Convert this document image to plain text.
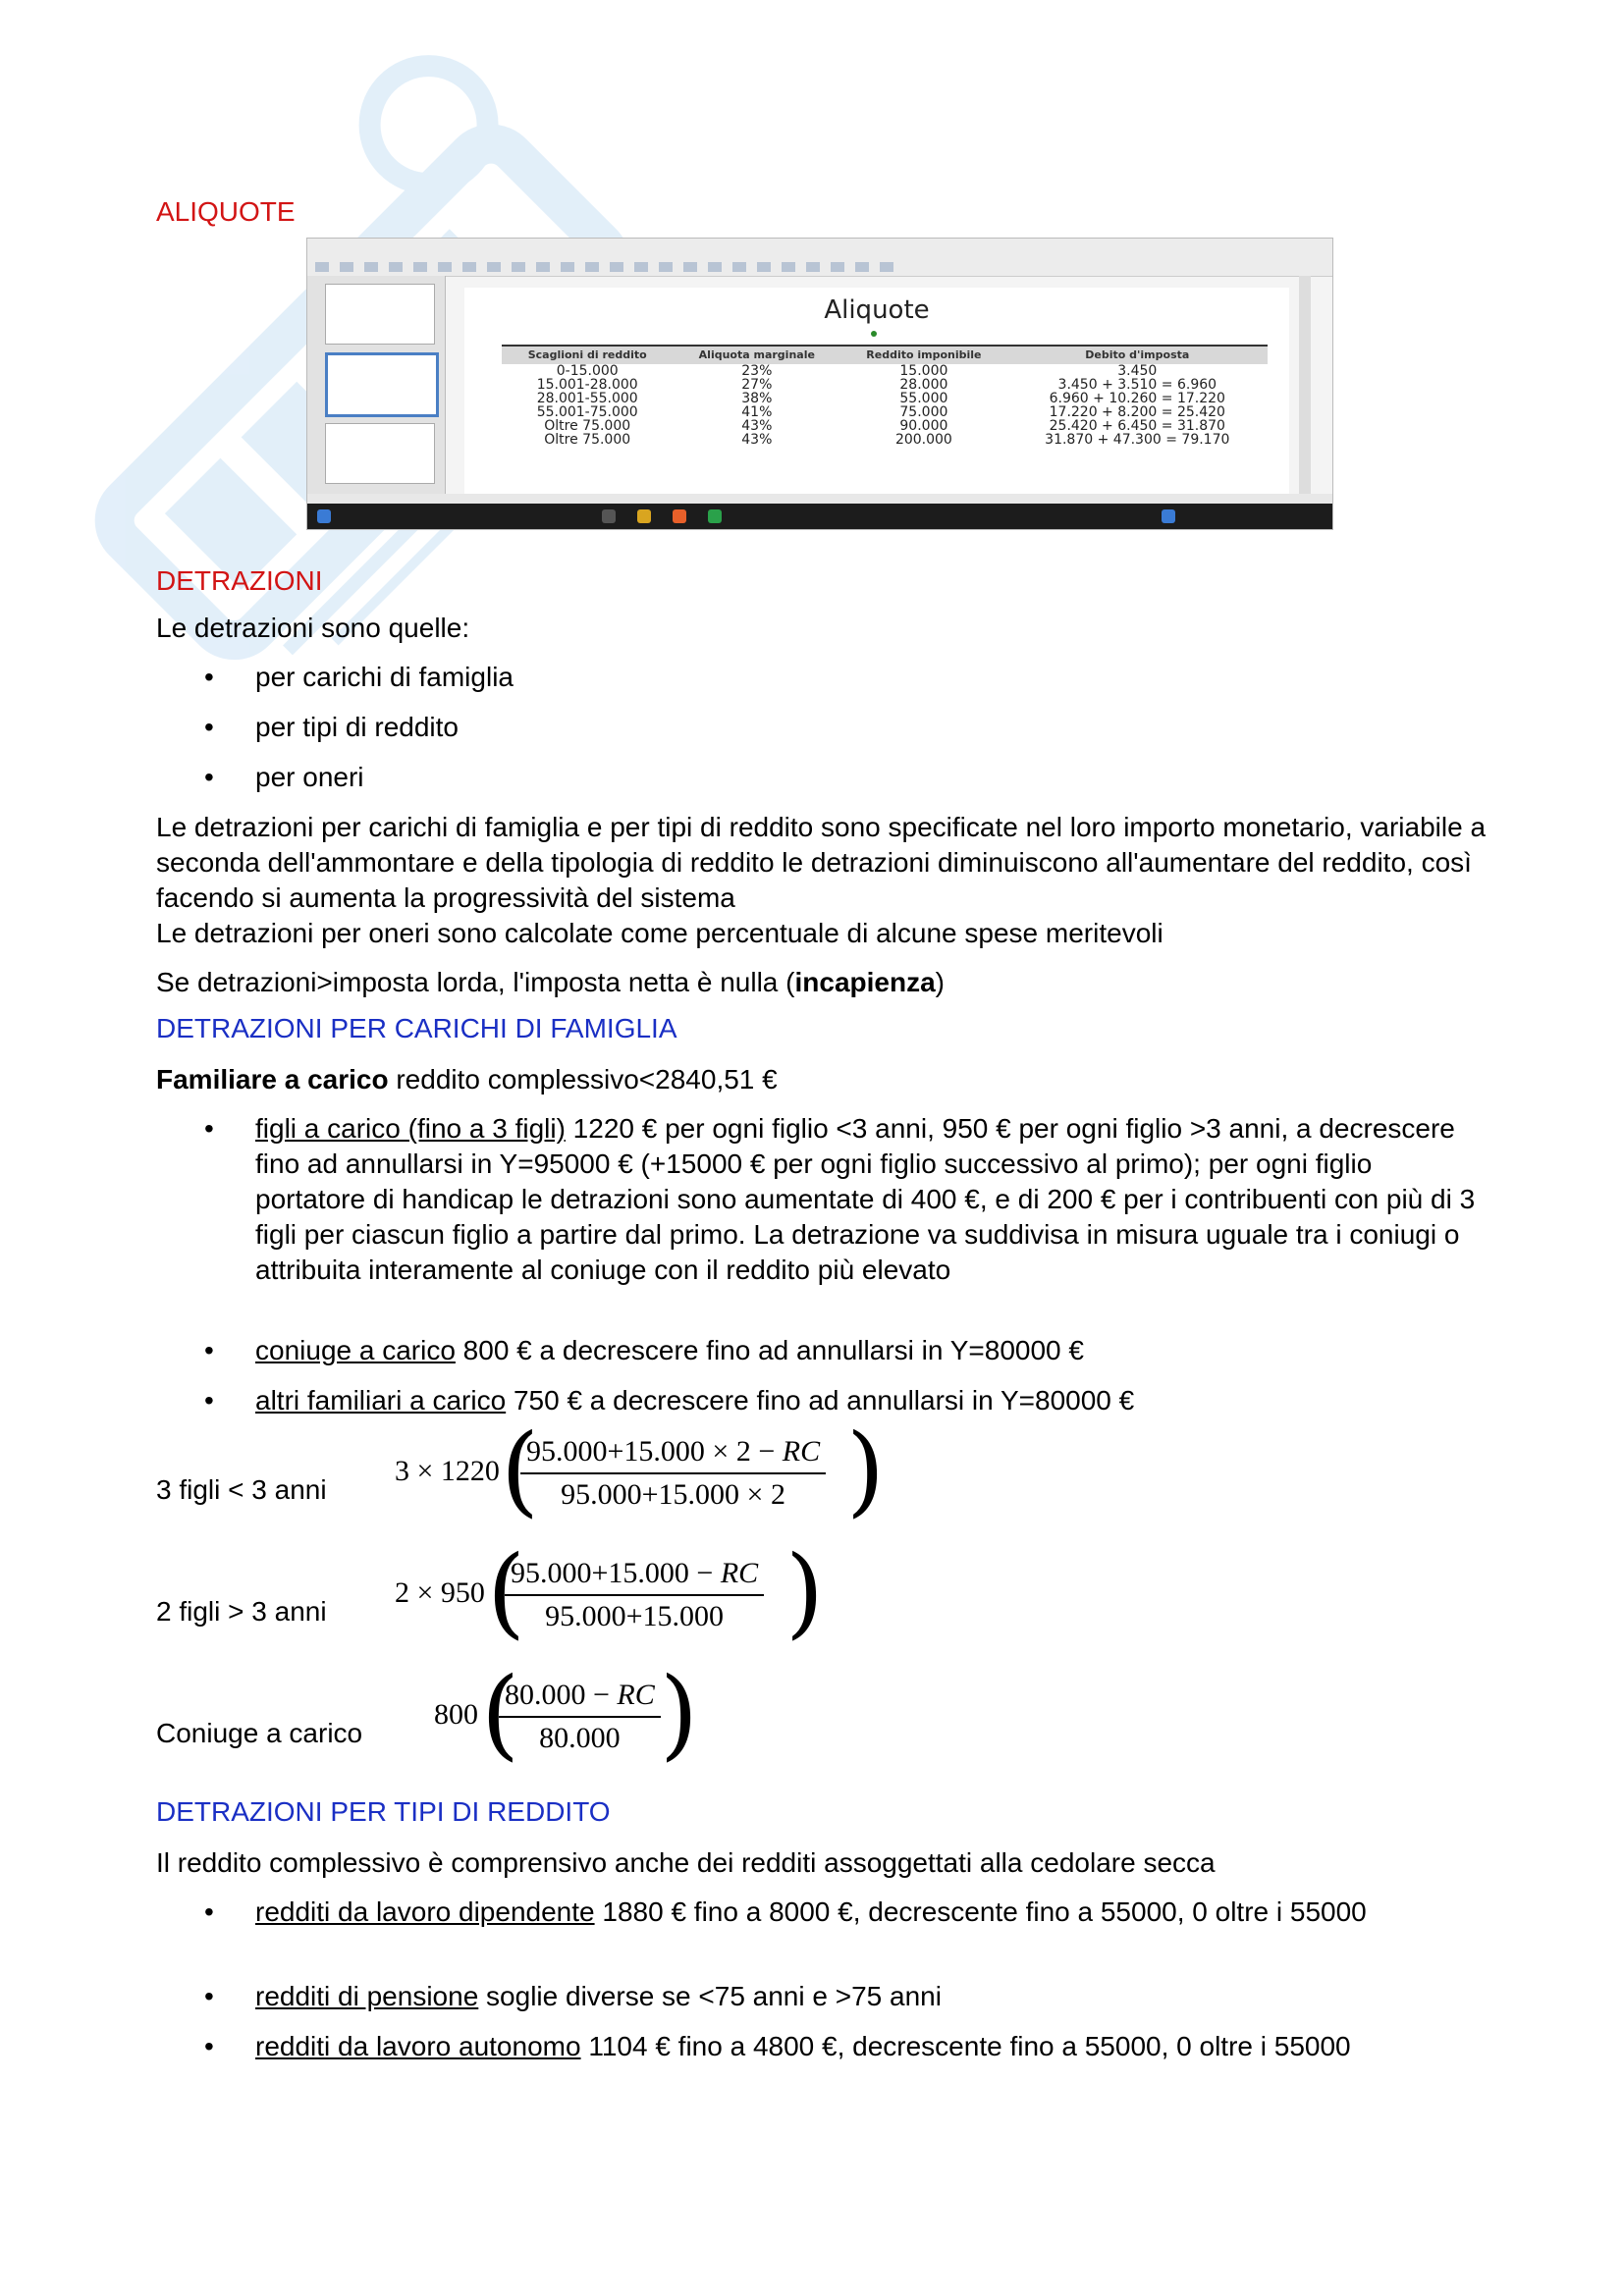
ALIQUOTE
Aliquote
Scaglioni di reddito	Aliquota marginale	Reddito imponibile	Debito d'imposta
0-15.000	23%	15.000	3.450
15.001-28.000	27%	28.000	3.450 + 3.510 = 6.960
28.001-55.000	38%	55.000	6.960 + 10.260 = 17.220
55.001-75.000	41%	75.000	17.220 + 8.200 = 25.420
Oltre 75.000	43%	90.000	25.420 + 6.450 = 31.870
Oltre 75.000	43%	200.000	31.870 + 47.300 = 79.170
DETRAZIONI
Le detrazioni sono quelle:
• per carichi di famiglia
• per tipi di reddito
• per oneri
Le detrazioni per carichi di famiglia e per tipi di reddito sono specificate nel loro importo monetario, variabile a seconda dell'ammontare e della tipologia di reddito le detrazioni diminuiscono all'aumentare del reddito, così facendo si aumenta la progressività del sistema
Le detrazioni per oneri sono calcolate come percentuale di alcune spese meritevoli
Se detrazioni>imposta lorda, l'imposta netta è nulla (incapienza)
DETRAZIONI PER CARICHI DI FAMIGLIA
Familiare a carico reddito complessivo<2840,51 €
• figli a carico (fino a 3 figli) 1220 € per ogni figlio <3 anni, 950 € per ogni figlio >3 anni, a decrescere fino ad annullarsi in Y=95000 € (+15000 € per ogni figlio successivo al primo); per ogni figlio portatore di handicap le detrazioni sono aumentate di 400 €, e di 200 € per i contribuenti con più di 3 figli per ciascun figlio a partire dal primo. La detrazione va suddivisa in misura uguale tra i coniugi o attribuita interamente al coniuge con il reddito più elevato
• coniuge a carico 800 € a decrescere fino ad annullarsi in Y=80000 €
• altri familiari a carico 750 € a decrescere fino ad annullarsi in Y=80000 €
3 figli < 3 anni
3 × 1220 (
$\frac{95.000+15.000 \times 2 - RC}{95.000+15.000 \times 2}$ )
2 figli > 3 anni
2 × 950 (
$\frac{95.000+15.000 - RC}{95.000+15.000}$ )
Coniuge a carico
800 (
$\frac{80.000 - RC}{80.000}$ )
DETRAZIONI PER TIPI DI REDDITO
Il reddito complessivo è comprensivo anche dei redditi assoggettati alla cedolare secca
• redditi da lavoro dipendente 1880 € fino a 8000 €, decrescente fino a 55000, 0 oltre i 55000
• redditi di pensione soglie diverse se <75 anni e >75 anni
• redditi da lavoro autonomo 1104 € fino a 4800 €, decrescente fino a 55000, 0 oltre i 55000
